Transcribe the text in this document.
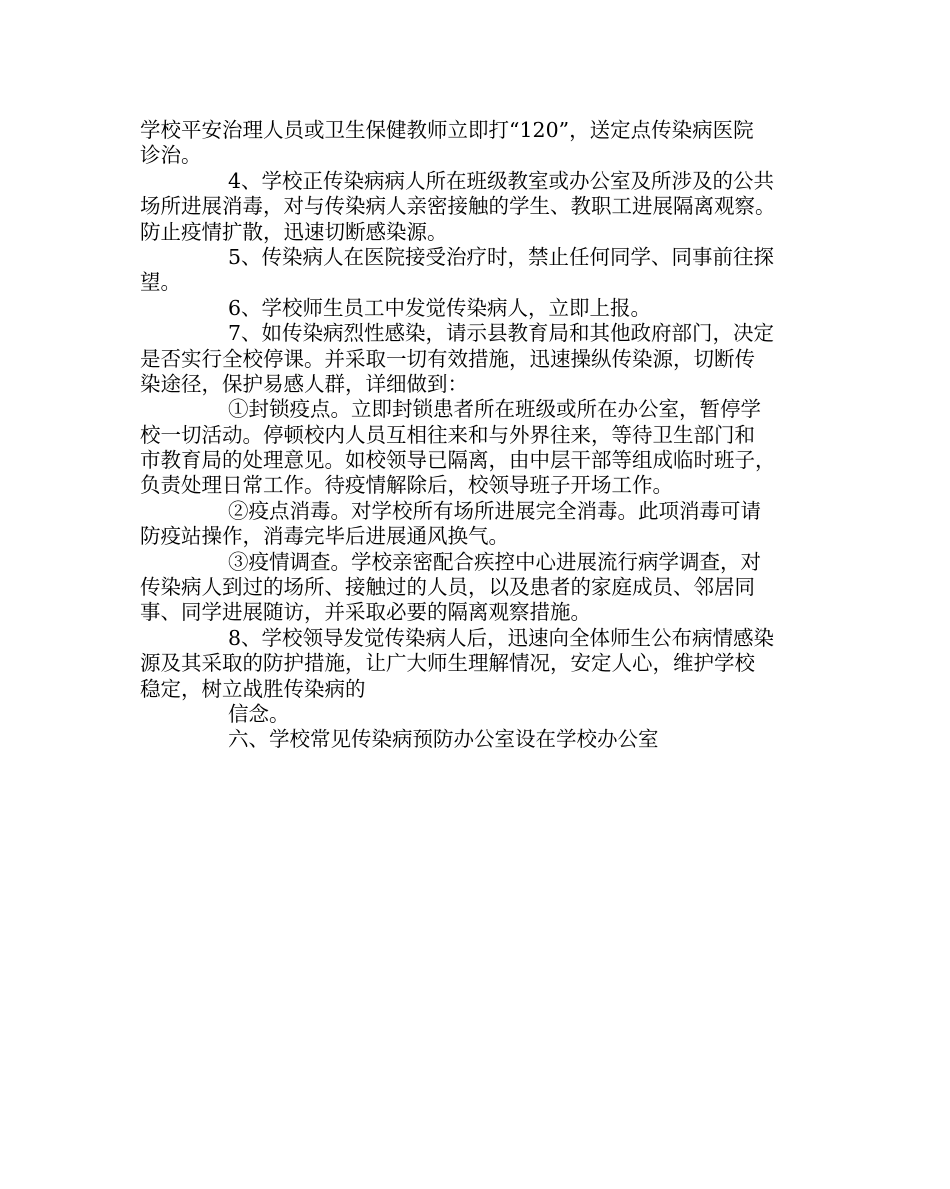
学校平安治理人员或卫生保健教师立即打“120”，送定点传染病医院
诊治。
4、学校正传染病病人所在班级教室或办公室及所涉及的公共
场所进展消毒，对与传染病人亲密接触的学生、教职工进展隔离观察。
防止疫情扩散，迅速切断感染源。
5、传染病人在医院接受治疗时，禁止任何同学、同事前往探
望。
6、学校师生员工中发觉传染病人，立即上报。
7、如传染病烈性感染，请示县教育局和其他政府部门，决定
是否实行全校停课。并采取一切有效措施，迅速操纵传染源，切断传
染途径，保护易感人群，详细做到：
①封锁疫点。立即封锁患者所在班级或所在办公室，暂停学
校一切活动。停顿校内人员互相往来和与外界往来，等待卫生部门和
市教育局的处理意见。如校领导已隔离，由中层干部等组成临时班子，
负责处理日常工作。待疫情解除后，校领导班子开场工作。
②疫点消毒。对学校所有场所进展完全消毒。此项消毒可请
防疫站操作，消毒完毕后进展通风换气。
③疫情调查。学校亲密配合疾控中心进展流行病学调查，对
传染病人到过的场所、接触过的人员，以及患者的家庭成员、邻居同
事、同学进展随访，并采取必要的隔离观察措施。
8、学校领导发觉传染病人后，迅速向全体师生公布病情感染
源及其采取的防护措施，让广大师生理解情况，安定人心，维护学校
稳定，树立战胜传染病的
信念。
六、学校常见传染病预防办公室设在学校办公室
